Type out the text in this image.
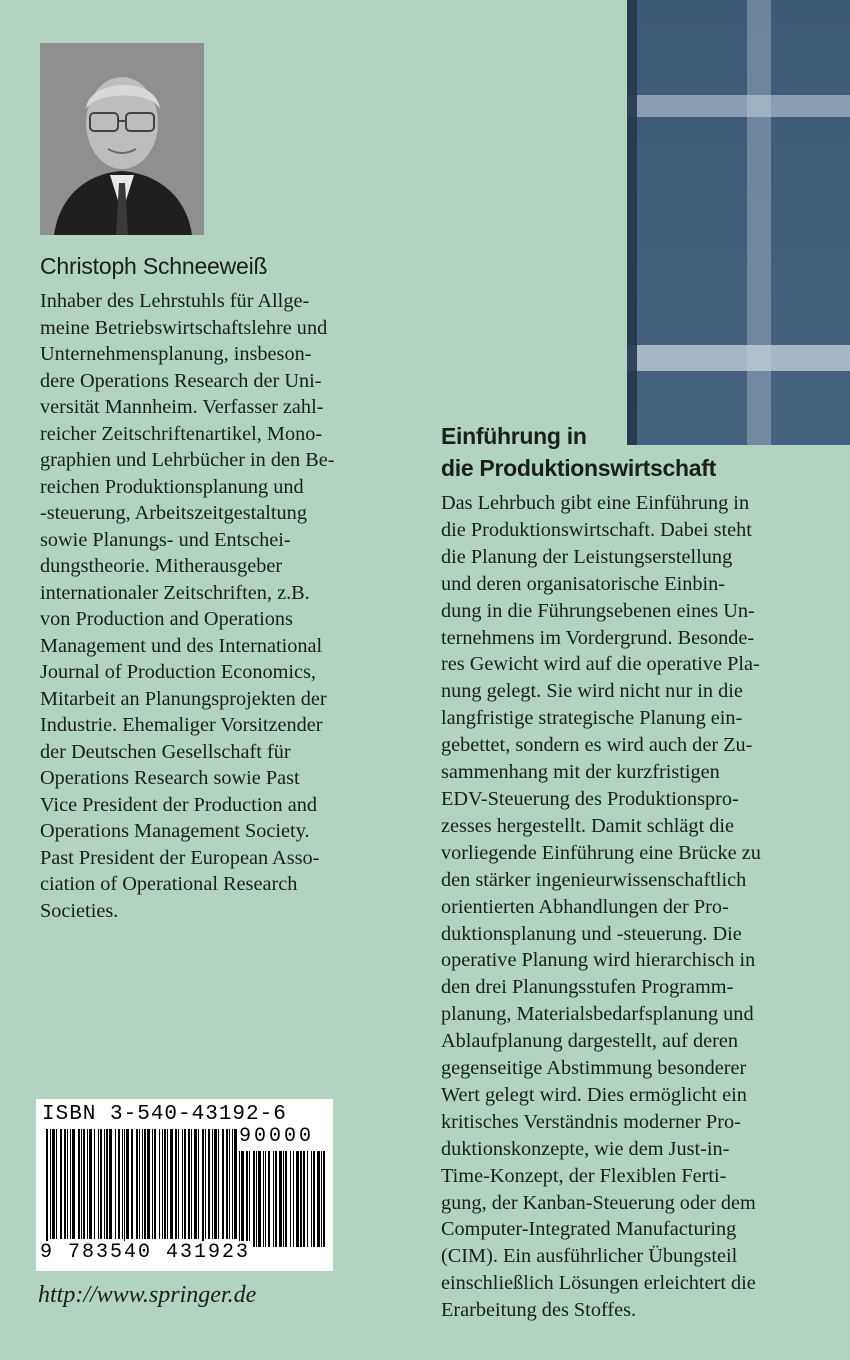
Christoph Schneeweiß
Inhaber des Lehrstuhls für Allge-
meine Betriebswirtschaftslehre und
Unternehmensplanung, insbeson-
dere Operations Research der Uni-
versität Mannheim. Verfasser zahl-
reicher Zeitschriftenartikel, Mono-
graphien und Lehrbücher in den Be-
reichen Produktionsplanung und
-steuerung, Arbeitszeitgestaltung
sowie Planungs- und Entschei-
dungstheorie. Mitherausgeber
internationaler Zeitschriften, z.B.
von Production and Operations
Management und des International
Journal of Production Economics,
Mitarbeit an Planungsprojekten der
Industrie. Ehemaliger Vorsitzender
der Deutschen Gesellschaft für
Operations Research sowie Past
Vice President der Production and
Operations Management Society.
Past President der European Asso-
ciation of Operational Research
Societies.
Einführung in
die Produktionswirtschaft
Das Lehrbuch gibt eine Einführung in
die Produktionswirtschaft. Dabei steht
die Planung der Leistungserstellung
und deren organisatorische Einbin-
dung in die Führungsebenen eines Un-
ternehmens im Vordergrund. Besonde-
res Gewicht wird auf die operative Pla-
nung gelegt. Sie wird nicht nur in die
langfristige strategische Planung ein-
gebettet, sondern es wird auch der Zu-
sammenhang mit der kurzfristigen
EDV-Steuerung des Produktionspro-
zesses hergestellt. Damit schlägt die
vorliegende Einführung eine Brücke zu
den stärker ingenieurwissenschaftlich
orientierten Abhandlungen der Pro-
duktionsplanung und -steuerung. Die
operative Planung wird hierarchisch in
den drei Planungsstufen Programm-
planung, Materialsbedarfsplanung und
Ablaufplanung dargestellt, auf deren
gegenseitige Abstimmung besonderer
Wert gelegt wird. Dies ermöglicht ein
kritisches Verständnis moderner Pro-
duktionskonzepte, wie dem Just-in-
Time-Konzept, der Flexiblen Ferti-
gung, der Kanban-Steuerung oder dem
Computer-Integrated Manufacturing
(CIM). Ein ausführlicher Übungsteil
einschließlich Lösungen erleichtert die
Erarbeitung des Stoffes.
ISBN 3-540-43192-6
90000
9 783540 431923

http://www.springer.de
